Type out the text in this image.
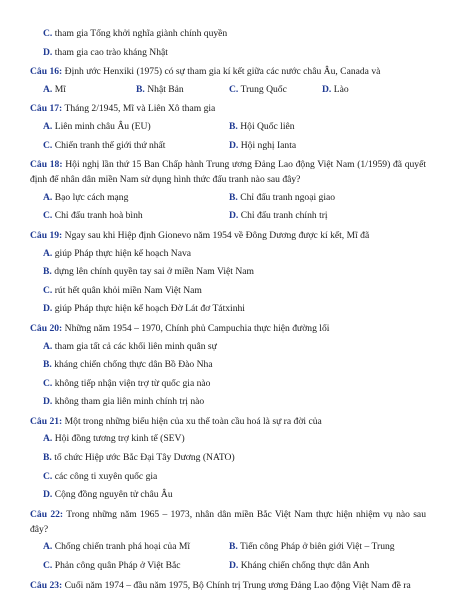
C. tham gia Tổng khởi nghĩa giành chính quyền
D. tham gia cao trào kháng Nhật
Câu 16: Định ước Henxiki (1975) có sự tham gia kí kết giữa các nước châu Âu, Canada và
A. Mĩ	B. Nhật Bản	C. Trung Quốc	D. Lào
Câu 17: Tháng 2/1945, Mĩ và Liên Xô tham gia
A. Liên minh châu Âu (EU)	B. Hội Quốc liên
C. Chiến tranh thế giới thứ nhất	D. Hội nghị Ianta
Câu 18: Hội nghị lần thứ 15 Ban Chấp hành Trung ương Đảng Lao động Việt Nam (1/1959) đã quyết định để nhân dân miền Nam sử dụng hình thức đấu tranh nào sau đây?
A. Bạo lực cách mạng	B. Chỉ đấu tranh ngoại giao
C. Chỉ đấu tranh hoà bình	D. Chỉ đấu tranh chính trị
Câu 19: Ngay sau khi Hiệp định Gionevo năm 1954 về Đông Dương được kí kết, Mĩ đã
A. giúp Pháp thực hiện kế hoạch Nava
B. dựng lên chính quyền tay sai ở miền Nam Việt Nam
C. rút hết quân khỏi miền Nam Việt Nam
D. giúp Pháp thực hiện kế hoạch Đờ Lát đơ Tátxinhi
Câu 20: Những năm 1954 – 1970, Chính phủ Campuchia thực hiện đường lối
A. tham gia tất cả các khối liên minh quân sự
B. kháng chiến chống thực dân Bồ Đào Nha
C. không tiếp nhận viện trợ từ quốc gia nào
D. không tham gia liên minh chính trị nào
Câu 21: Một trong những biểu hiện của xu thế toàn cầu hoá là sự ra đời của
A. Hội đồng tương trợ kinh tế (SEV)
B. tổ chức Hiệp ước Bắc Đại Tây Dương (NATO)
C. các công ti xuyên quốc gia
D. Cộng đồng nguyên tử châu Âu
Câu 22: Trong những năm 1965 – 1973, nhân dân miền Bắc Việt Nam thực hiện nhiệm vụ nào sau đây?
A. Chống chiến tranh phá hoại của Mĩ	B. Tiến công Pháp ở biên giới Việt – Trung
C. Phản công quân Pháp ở Việt Bắc	D. Kháng chiến chống thực dân Anh
Câu 23: Cuối năm 1974 – đầu năm 1975, Bộ Chính trị Trung ương Đảng Lao động Việt Nam đề ra
